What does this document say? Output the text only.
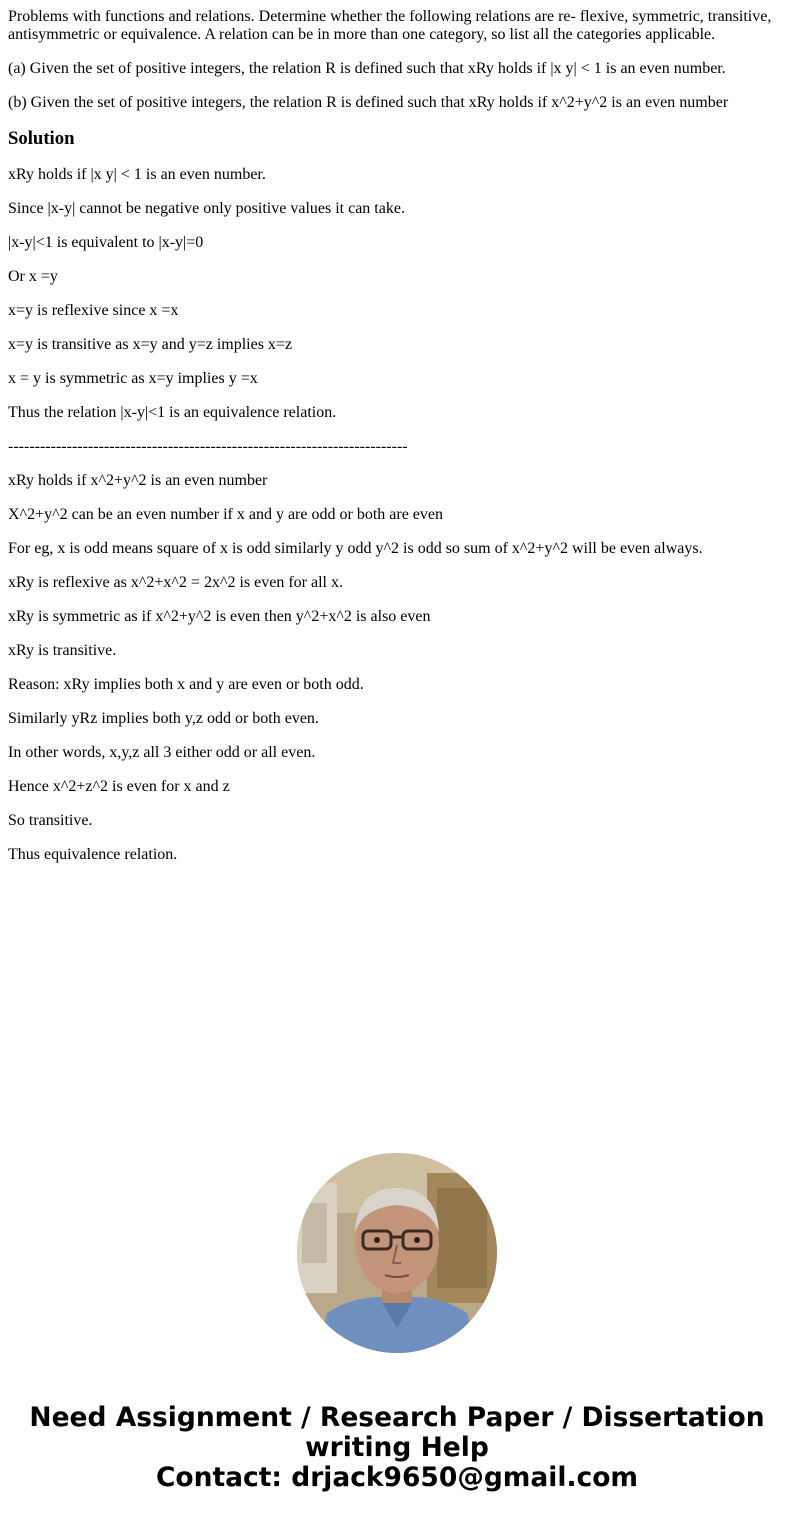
Problems with functions and relations. Determine whether the following relations are re- flexive, symmetric, transitive, antisymmetric or equivalence. A relation can be in more than one category, so list all the categories applicable.

(a) Given the set of positive integers, the relation R is defined such that xRy holds if |x y| < 1 is an even number.

(b) Given the set of positive integers, the relation R is defined such that xRy holds if x^2+y^2 is an even number

Solution

xRy holds if |x y| < 1 is an even number.

Since |x-y| cannot be negative only positive values it can take.

|x-y|<1 is equivalent to |x-y|=0

Or x =y

x=y is reflexive since x =x

x=y is transitive as x=y and y=z implies x=z

x = y is symmetric as x=y implies y =x

Thus the relation |x-y|<1 is an equivalence relation.

---------------------------------------------------------------------------

xRy holds if x^2+y^2 is an even number

X^2+y^2 can be an even number if x and y are odd or both are even

For eg, x is odd means square of x is odd similarly y odd y^2 is odd so sum of x^2+y^2 will be even always.

xRy is reflexive as x^2+x^2 = 2x^2 is even for all x.

xRy is symmetric as if x^2+y^2 is even then y^2+x^2 is also even

xRy is transitive.

Reason: xRy implies both x and y are even or both odd.

Similarly yRz implies both y,z odd or both even.

In other words, x,y,z all 3 either odd or all even.

Hence x^2+z^2 is even for x and z

So transitive.

Thus equivalence relation.

Need Assignment / Research Paper / Dissertation
writing Help
Contact: drjack9650@gmail.com
